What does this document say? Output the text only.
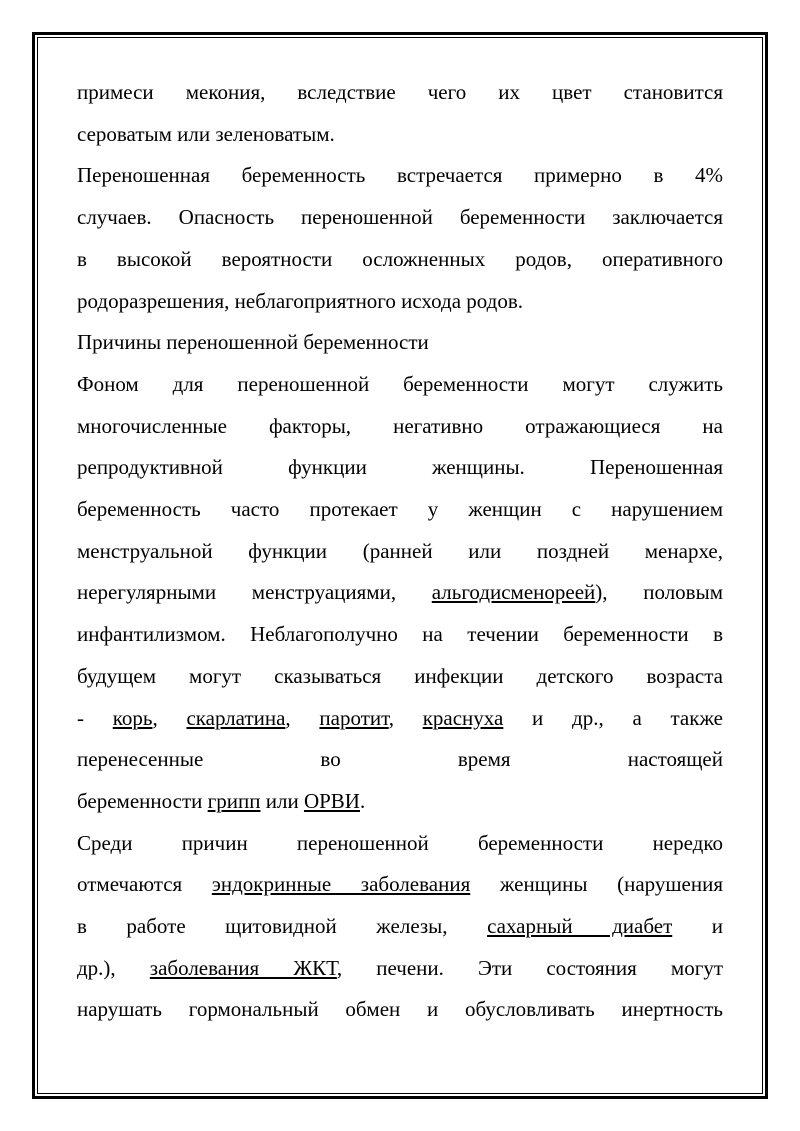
примеси мекония, вследствие чего их цвет становится
сероватым или зеленоватым.
Переношенная беременность встречается примерно в 4%
случаев. Опасность переношенной беременности заключается
в высокой вероятности осложненных родов, оперативного
родоразрешения, неблагоприятного исхода родов.
Причины переношенной беременности
Фоном для переношенной беременности могут служить
многочисленные факторы, негативно отражающиеся на
репродуктивной функции женщины. Переношенная
беременность часто протекает у женщин с нарушением
менструальной функции (ранней или поздней менархе,
нерегулярными менструациями, альгодисменореей), половым
инфантилизмом. Неблагополучно на течении беременности в
будущем могут сказываться инфекции детского возраста
- корь, скарлатина, паротит, краснуха и др., а также
перенесенные во время настоящей
беременности грипп или ОРВИ.
Среди причин переношенной беременности нередко
отмечаются эндокринные заболевания женщины (нарушения
в работе щитовидной железы, сахарный диабет и
др.), заболевания ЖКТ, печени. Эти состояния могут
нарушать гормональный обмен и обусловливать инертность
